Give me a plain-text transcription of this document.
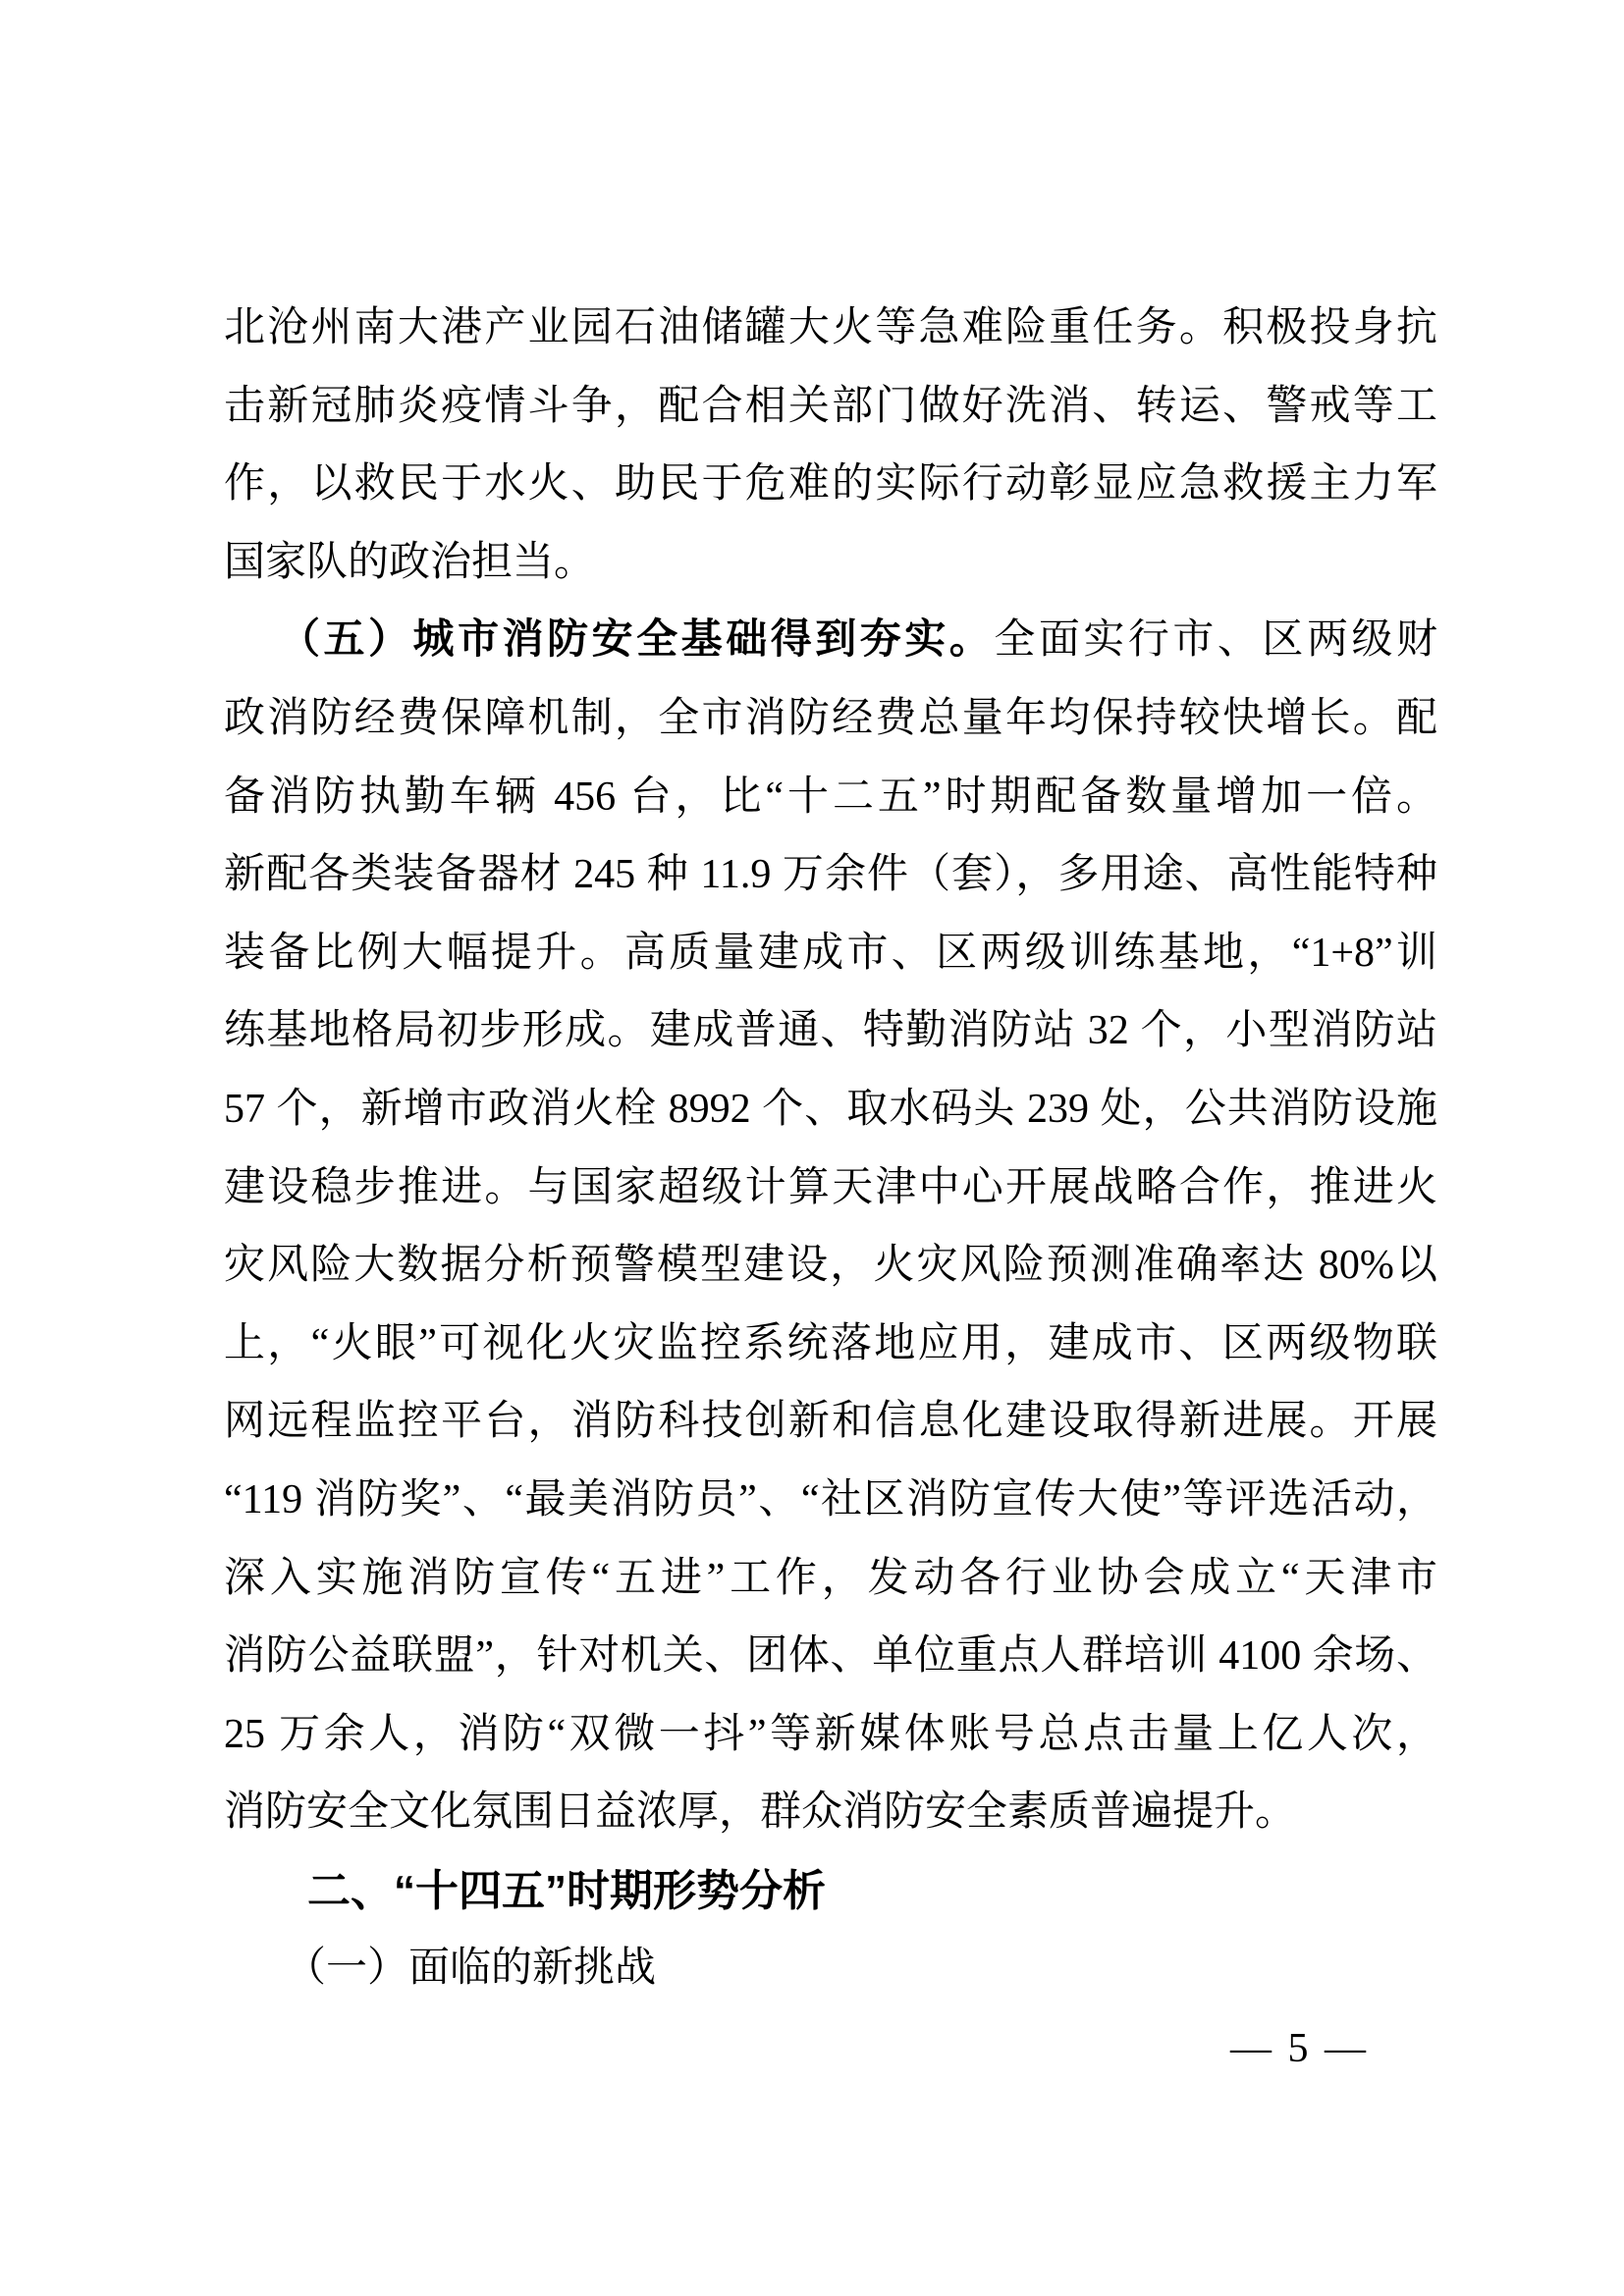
北沧州南大港产业园石油储罐大火等急难险重任务。积极投身抗
击新冠肺炎疫情斗争，配合相关部门做好洗消、转运、警戒等工
作，以救民于水火、助民于危难的实际行动彰显应急救援主力军
国家队的政治担当。
（五）城市消防安全基础得到夯实。全面实行市、区两级财
政消防经费保障机制，全市消防经费总量年均保持较快增长。配
备消防执勤车辆 456 台，比“十二五”时期配备数量增加一倍。
新配各类装备器材 245 种 11.9 万余件（套），多用途、高性能特种
装备比例大幅提升。高质量建成市、区两级训练基地，“1+8”训
练基地格局初步形成。建成普通、特勤消防站 32 个，小型消防站
57 个，新增市政消火栓 8992 个、取水码头 239 处，公共消防设施
建设稳步推进。与国家超级计算天津中心开展战略合作，推进火
灾风险大数据分析预警模型建设，火灾风险预测准确率达 80%以
上，“火眼”可视化火灾监控系统落地应用，建成市、区两级物联
网远程监控平台，消防科技创新和信息化建设取得新进展。开展
“119 消防奖”、“最美消防员”、“社区消防宣传大使”等评选活动，
深入实施消防宣传“五进”工作，发动各行业协会成立“天津市
消防公益联盟”，针对机关、团体、单位重点人群培训 4100 余场、
25 万余人，消防“双微一抖”等新媒体账号总点击量上亿人次，
消防安全文化氛围日益浓厚，群众消防安全素质普遍提升。
二、“十四五”时期形势分析
（一）面临的新挑战
— 5 —
